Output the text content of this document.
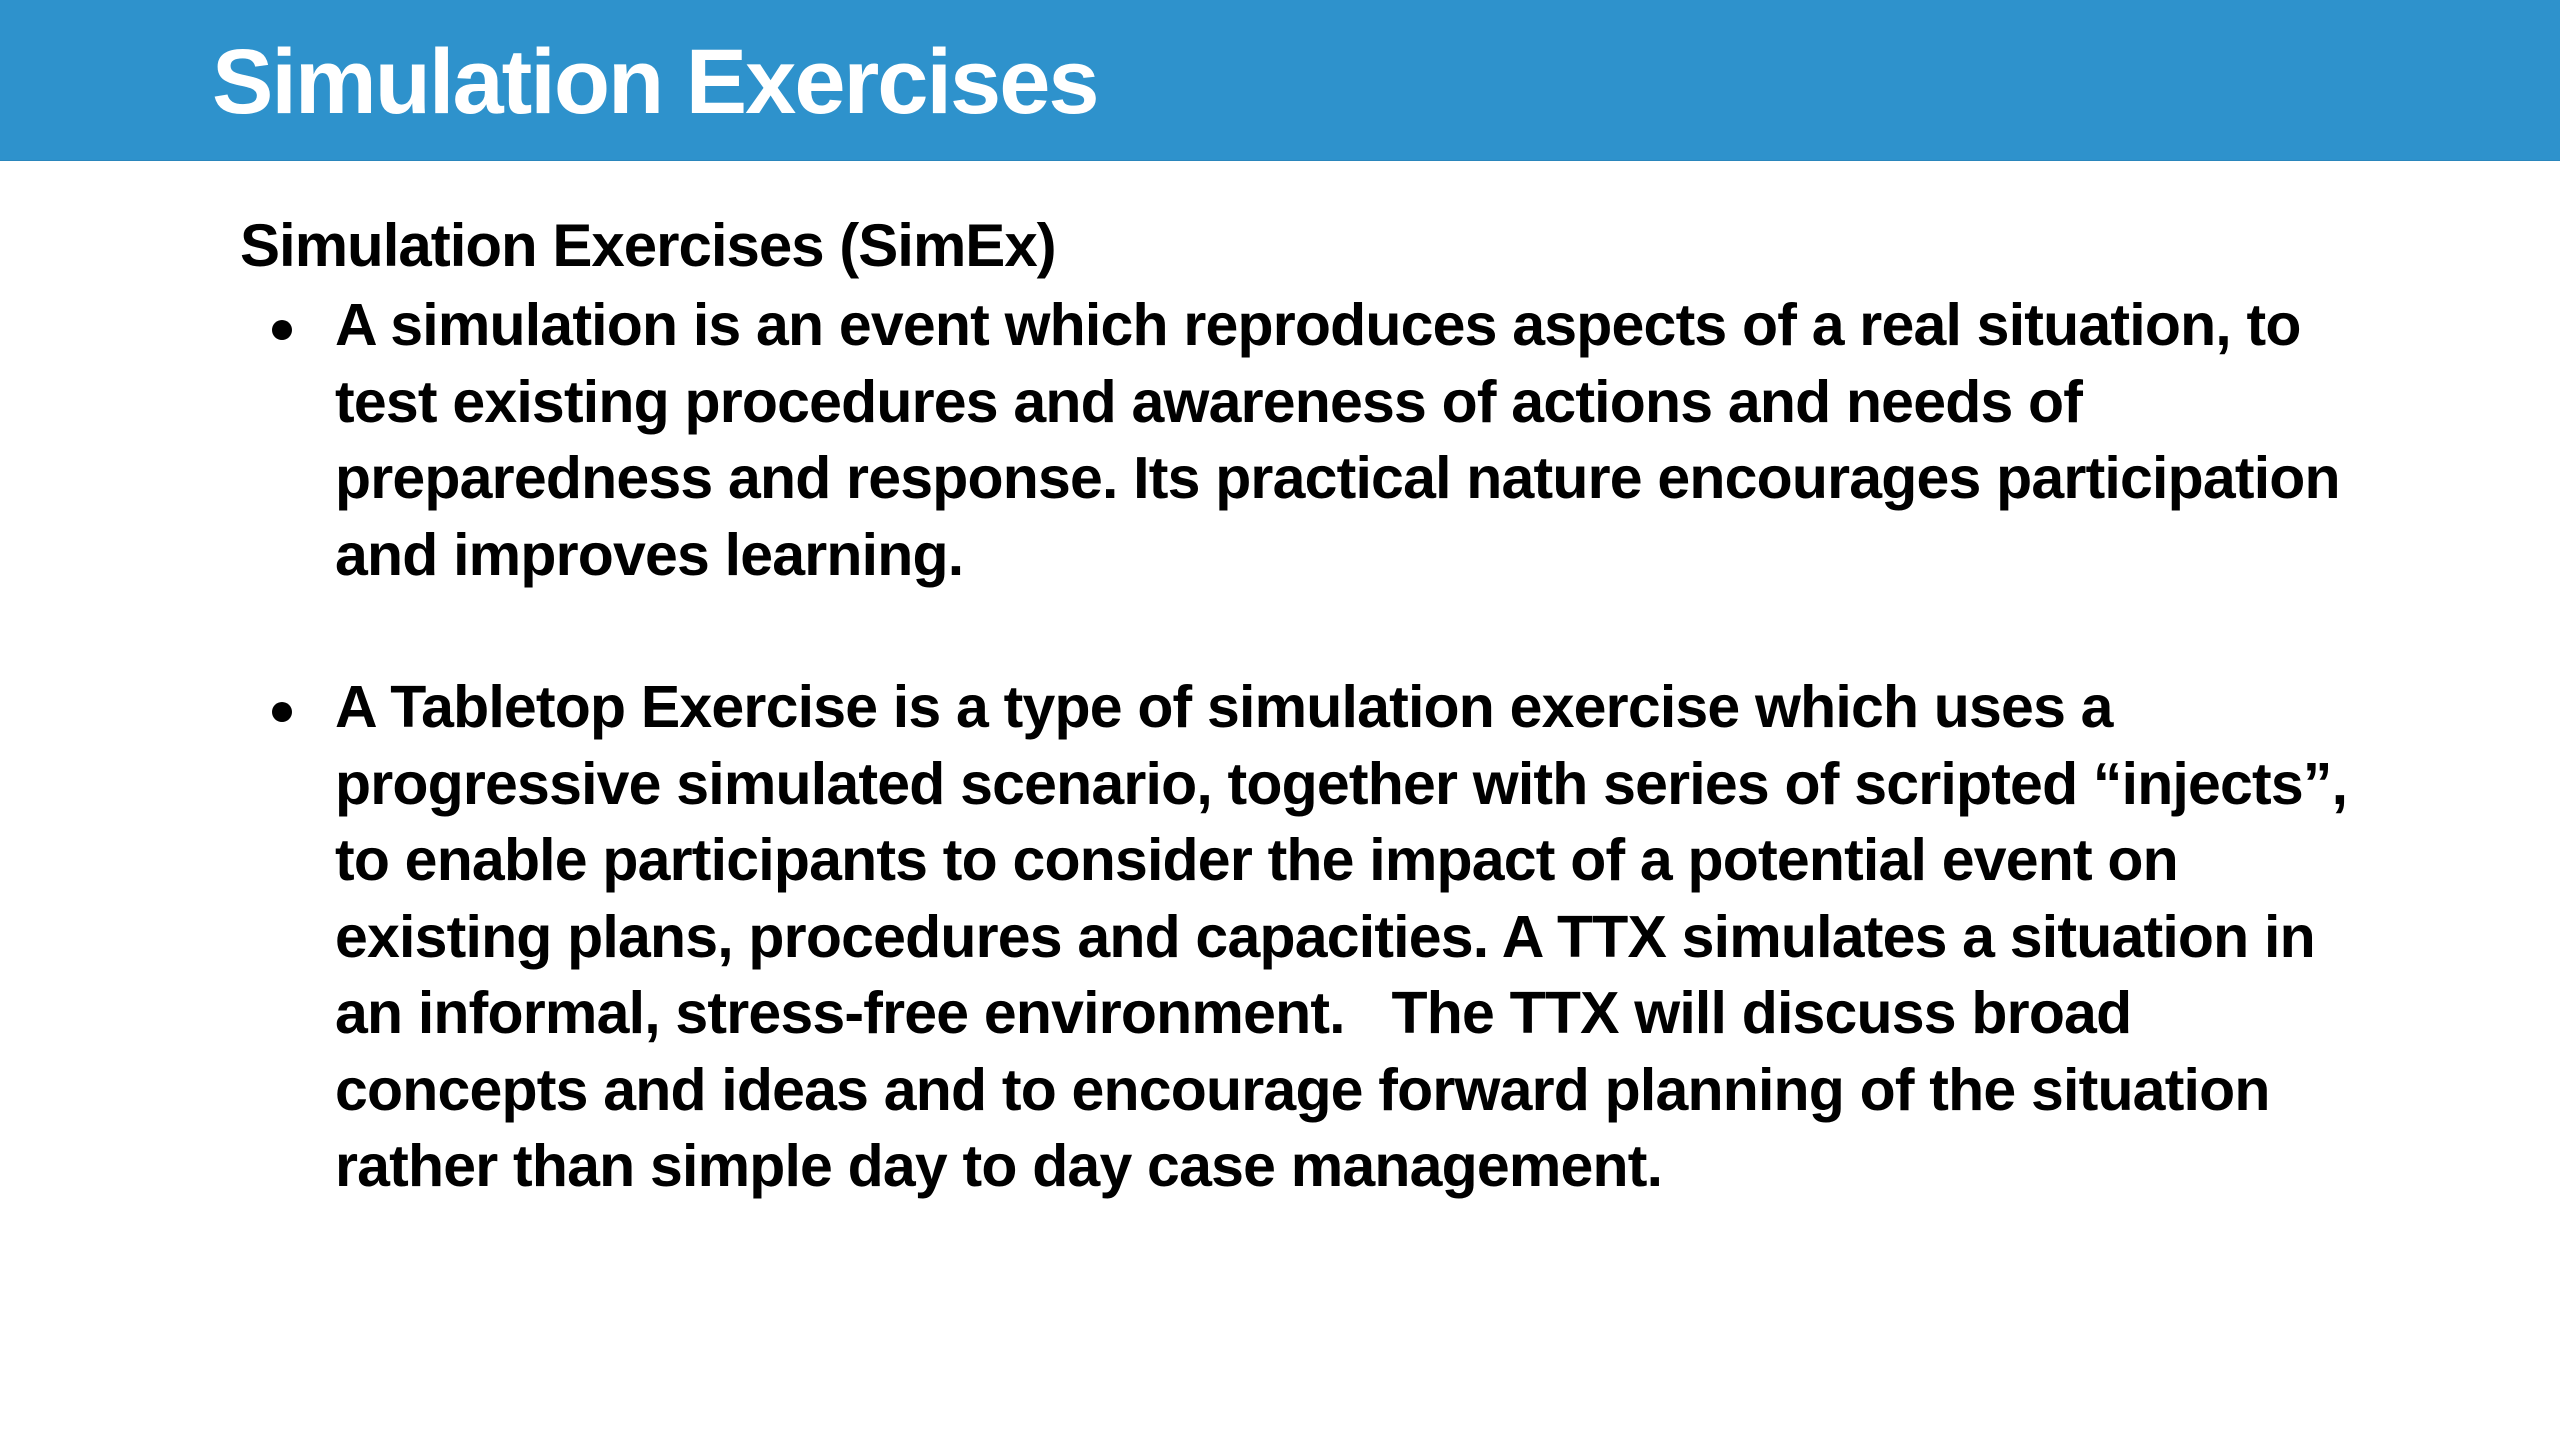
Simulation Exercises
Simulation Exercises (SimEx)
A simulation is an event which reproduces aspects of a real situation, to test existing procedures and awareness of actions and needs of preparedness and response. Its practical nature encourages participation and improves learning.
A Tabletop Exercise is a type of simulation exercise which uses a progressive simulated scenario, together with series of scripted “injects”, to enable participants to consider the impact of a potential event on existing plans, procedures and capacities. A TTX simulates a situation in an informal, stress-free environment.   The TTX will discuss broad concepts and ideas and to encourage forward planning of the situation rather than simple day to day case management.
